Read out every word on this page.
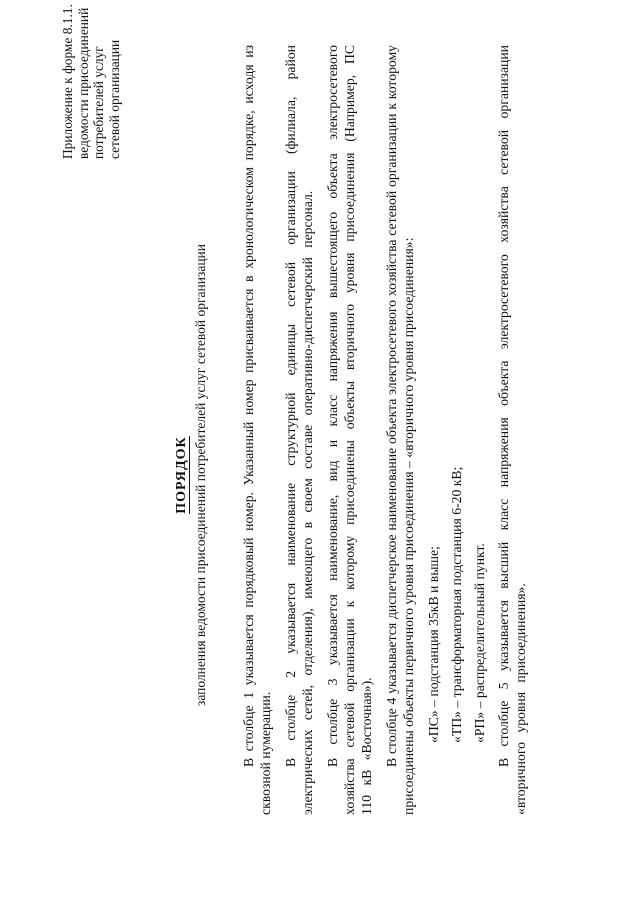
Приложение к форме 8.1.1. ведомости присоединений потребителей услуг сетевой организации
ПОРЯДОК заполнения ведомости присоединений потребителей услуг сетевой организации В столбце 1 указывается порядковый номер. Указанный номер присваивается в хронологическом порядке, исходя из сквозной нумерации. В столбце 2 указывается наименование структурной единицы сетевой организации (филиала, район электрических сетей, отделения), имеющего в своем составе оперативно-диспетчерский персонал. В столбце 3 указывается наименование, вид и класс напряжения вышестоящего объекта электросетевого хозяйства сетевой организации к которому присоединены объекты вторичного уровня присоединения (Например, ПС 110 кВ «Восточная»). В столбце 4 указывается диспетчерское наименование объекта электросетевого хозяйства сетевой организации к которому присоединены объекты первичного уровня присоединения – «вторичного уровня присоединения»: «ПС» – подстанция 35кВ и выше; «ТП» – трансформаторная подстанция 6-20 кВ; «РП» – распределительный пункт. В столбце 5 указывается высший класс напряжения объекта электросетевого хозяйства сетевой организации «вторичного уровня присоединения».
